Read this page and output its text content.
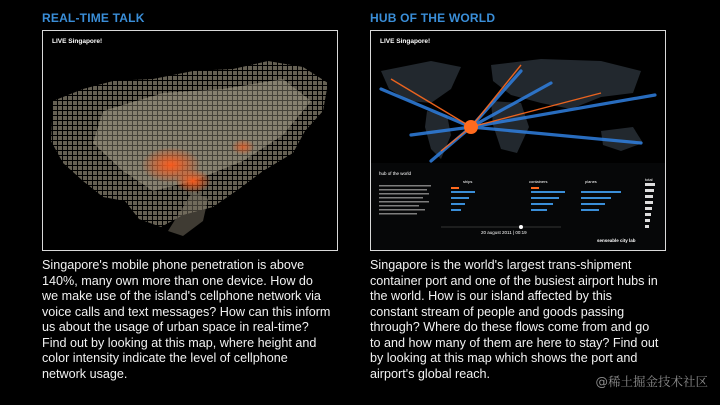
REAL-TIME TALK
LIVE Singapore!
Singapore's mobile phone penetration is above 140%, many own more than one device. How do we make use of the island's cellphone network via voice calls and text messages? How can this inform us about the usage of urban space in real-time? Find out by looking at this map, where height and color intensity indicate the level of cellphone network usage.
HUB OF THE WORLD
LIVE Singapore!
hub of the world
ships	containers	planes	total
20 august 2011 | 00:19
senseable city lab
Singapore is the world's largest trans-shipment container port and one of the busiest airport hubs in the world. How is our island affected by this constant stream of people and goods passing through? Where do these flows come from and go to and how many of them are here to stay? Find out by looking at this map which shows the port and airport's global reach.
@稀土掘金技术社区
